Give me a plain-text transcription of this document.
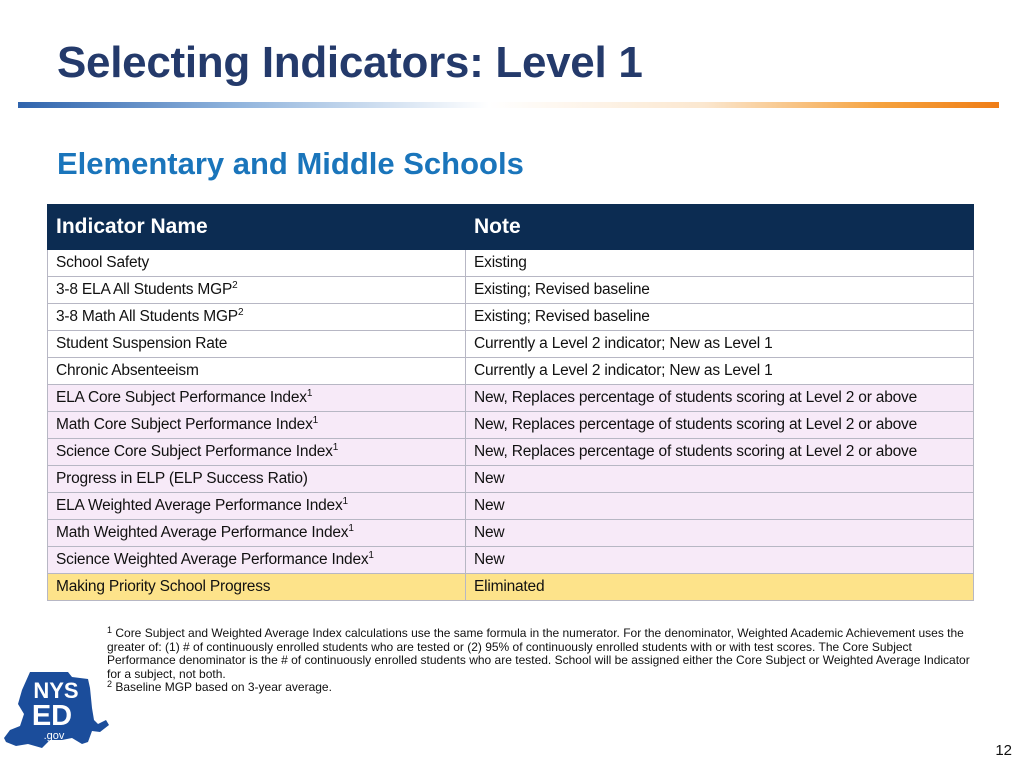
Selecting Indicators: Level 1
Elementary and Middle Schools
Indicator Name	Note
School Safety	Existing
3-8 ELA All Students MGP$^2$	Existing; Revised baseline
3-8 Math All Students MGP$^2$	Existing; Revised baseline
Student Suspension Rate	Currently a Level 2 indicator; New as Level 1
Chronic Absenteeism	Currently a Level 2 indicator; New as Level 1
ELA Core Subject Performance Index$^1$	New, Replaces percentage of students scoring at Level 2 or above
Math Core Subject Performance Index$^1$	New, Replaces percentage of students scoring at Level 2 or above
Science Core Subject Performance Index$^1$	New, Replaces percentage of students scoring at Level 2 or above
Progress in ELP (ELP Success Ratio)	New
ELA Weighted Average Performance Index$^1$	New
Math Weighted Average Performance Index$^1$	New
Science Weighted Average Performance Index$^1$	New
Making Priority School Progress	Eliminated

$^1$ Core Subject and Weighted Average Index calculations use the same formula in the numerator. For the denominator, Weighted Academic Achievement uses the greater of: (1) # of continuously enrolled students who are tested or (2) 95% of continuously enrolled students with or with test scores. The Core Subject Performance denominator is the # of continuously enrolled students who are tested. School will be assigned either the Core Subject or Weighted Average Indicator for a subject, not both.

$^2$ Baseline MGP based on 3-year average.

NYS
ED
.gov
12
